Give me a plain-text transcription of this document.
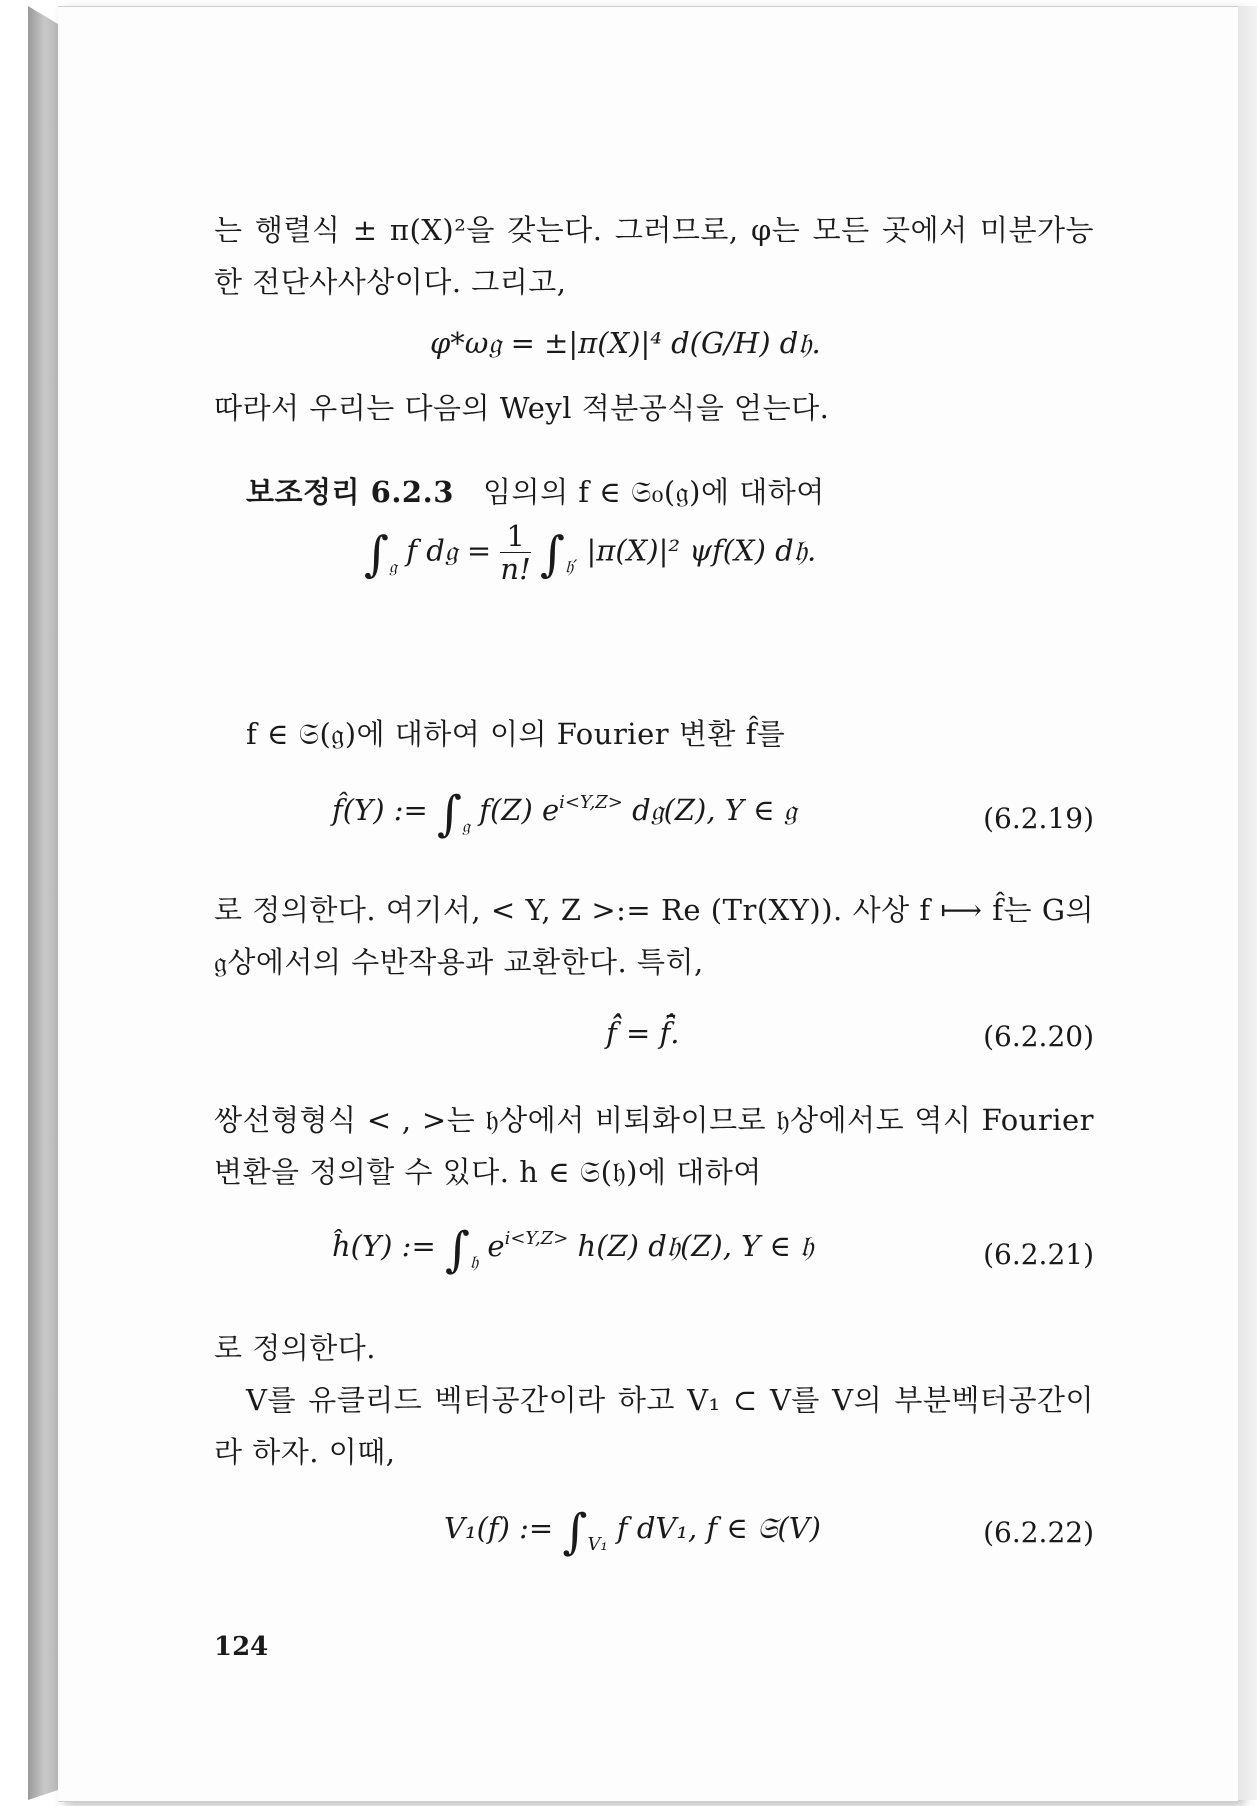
는 행렬식 ± π(X)²을 갖는다. 그러므로, φ는 모든 곳에서 미분가능
한 전단사사상이다. 그리고,
φ*ω𝔤 = ±|π(X)|⁴ d(G/H) d𝔥.
따라서 우리는 다음의 Weyl 적분공식을 얻는다.
보조정리 6.2.3 임의의 f ∈ 𝔖₀(𝔤)에 대하여
$\int_𝔤$ f d𝔤 = $\frac{1}{n!} \int_{𝔥'}$ |π(X)|² ψf(X) d𝔥.
f ∈ 𝔖(𝔤)에 대하여 이의 Fourier 변환 f̂를
f̂(Y) := $\int_𝔤$ f(Z) $e^{i<Y,Z>}$ d𝔤(Z), Y ∈ 𝔤	(6.2.19)
로 정의한다. 여기서, < Y, Z >:= Re (Tr(XY)). 사상 f ⟼ f̂는 G의
𝔤상에서의 수반작용과 교환한다. 특히,
f̂̂ = f̄̂.	(6.2.20)
쌍선형형식 < , >는 𝔥상에서 비퇴화이므로 𝔥상에서도 역시 Fourier
변환을 정의할 수 있다. h ∈ 𝔖(𝔥)에 대하여
ĥ(Y) := $\int_𝔥$ $e^{i<Y,Z>}$ h(Z) d𝔥(Z), Y ∈ 𝔥	(6.2.21)
로 정의한다.
V를 유클리드 벡터공간이라 하고 V₁ ⊂ V를 V의 부분벡터공간이
라 하자. 이때,
V₁(f) := $\int_{V_1}$ f dV₁, f ∈ 𝔖(V)	(6.2.22)
124
